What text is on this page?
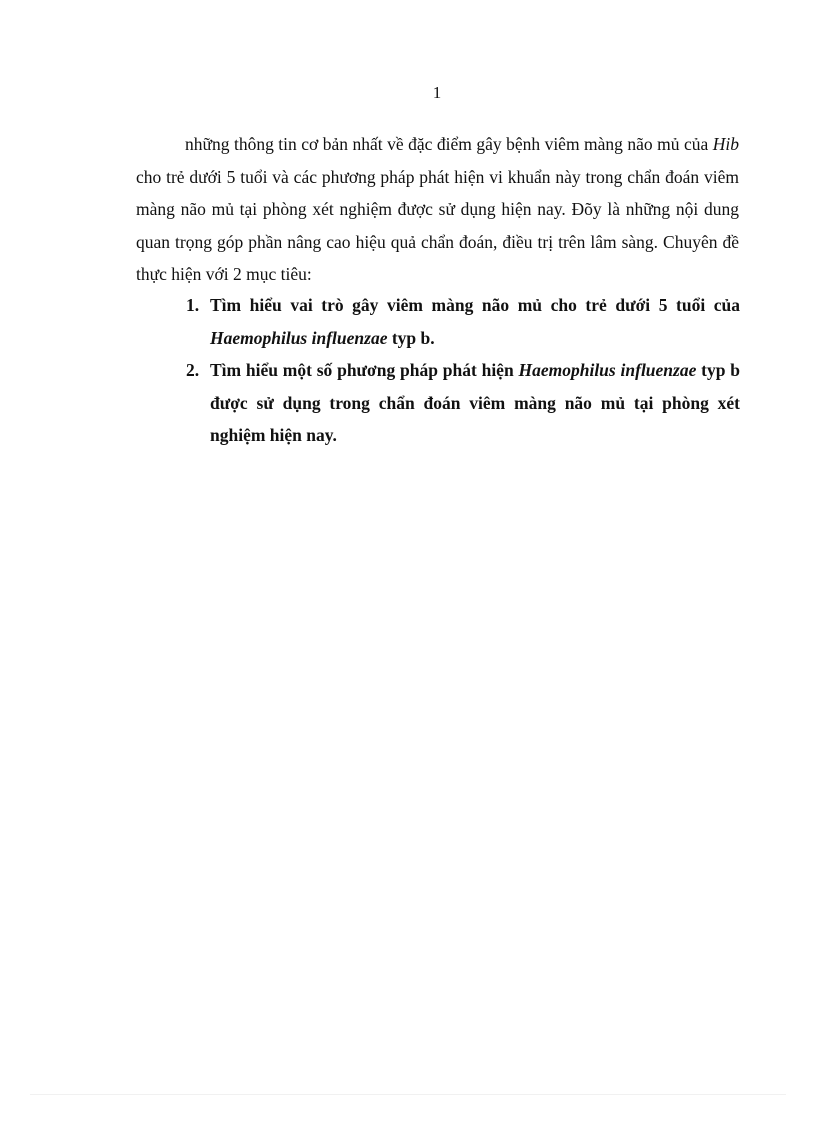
1
những thông tin cơ bản nhất về đặc điểm gây bệnh viêm màng não mủ của Hib cho trẻ dưới 5 tuổi và các phương pháp phát hiện vi khuẩn này trong chẩn đoán viêm màng não mủ tại phòng xét nghiệm được sử dụng hiện nay. Đõy là những nội dung quan trọng góp phần nâng cao hiệu quả chẩn đoán, điều trị trên lâm sàng. Chuyên đề thực hiện với 2 mục tiêu:
1. Tìm hiểu vai trò gây viêm màng não mủ cho trẻ dưới 5 tuổi của Haemophilus influenzae typ b.
2. Tìm hiểu một số phương pháp phát hiện Haemophilus influenzae typ b được sử dụng trong chẩn đoán viêm màng não mủ tại phòng xét nghiệm hiện nay.
